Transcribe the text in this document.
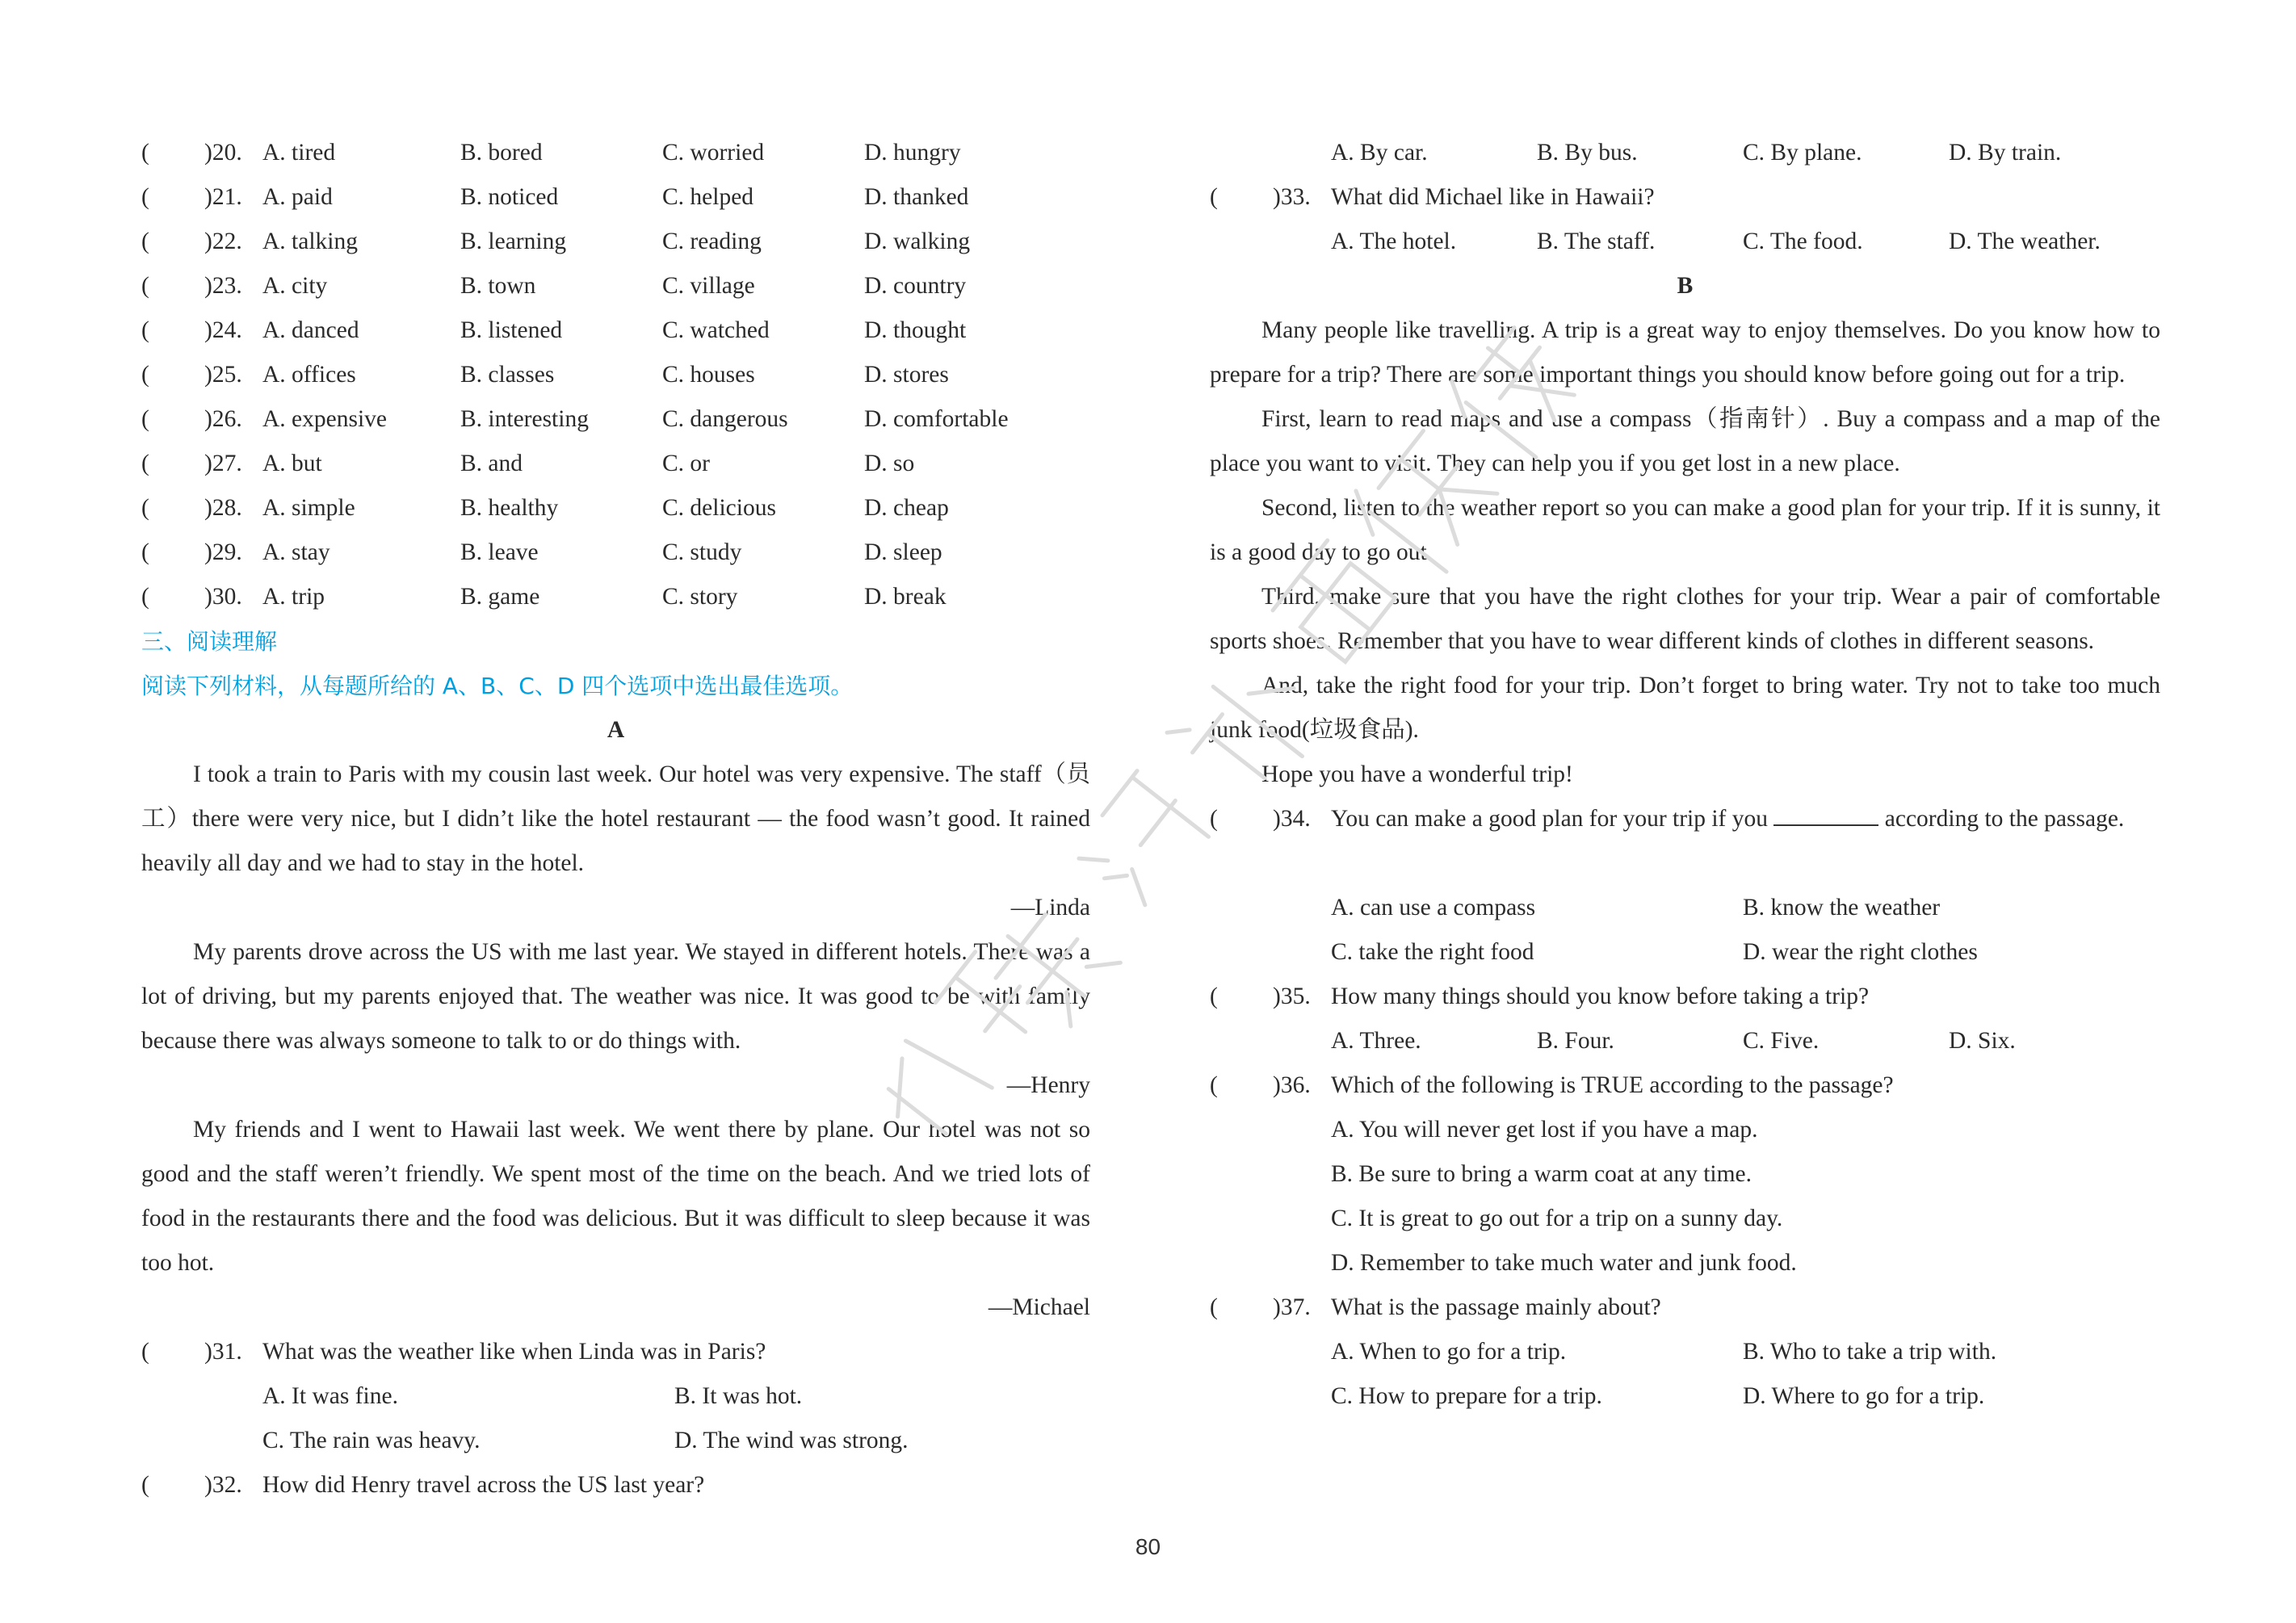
( )20. A. tired	B. bored	C. worried	D. hungry
( )21. A. paid	B. noticed	C. helped	D. thanked
( )22. A. talking	B. learning	C. reading	D. walking
( )23. A. city	B. town	C. village	D. country
( )24. A. danced	B. listened	C. watched	D. thought
( )25. A. offices	B. classes	C. houses	D. stores
( )26. A. expensive	B. interesting	C. dangerous	D. comfortable
( )27. A. but	B. and	C. or	D. so
( )28. A. simple	B. healthy	C. delicious	D. cheap
( )29. A. stay	B. leave	C. study	D. sleep
( )30. A. trip	B. game	C. story	D. break
三、阅读理解
阅读下列材料，从每题所给的 A、B、C、D 四个选项中选出最佳选项。
A

I took a train to Paris with my cousin last week. Our hotel was very expensive. The staff（员工）there were very nice, but I didn’t like the hotel restaurant — the food wasn’t good. It rained heavily all day and we had to stay in the hotel.

—Linda

My parents drove across the US with me last year. We stayed in different hotels. There was a lot of driving, but my parents enjoyed that. The weather was nice. It was good to be with family because there was always someone to talk to or do things with.

—Henry

My friends and I went to Hawaii last week. We went there by plane. Our hotel was not so good and the staff weren’t friendly. We spent most of the time on the beach. And we tried lots of food in the restaurants there and the food was delicious. But it was difficult to sleep because it was too hot.

—Michael
( )31. What was the weather like when Linda was in Paris?
A. It was fine.	B. It was hot.
C. The rain was heavy.	D. The wind was strong.
( )32. How did Henry travel across the US last year?
A. By car.	B. By bus.	C. By plane.	D. By train.
( )33. What did Michael like in Hawaii?
A. The hotel.	B. The staff.	C. The food.	D. The weather.
B

Many people like travelling. A trip is a great way to enjoy themselves. Do you know how to prepare for a trip? There are some important things you should know before going out for a trip.

First, learn to read maps and use a compass（指南针）. Buy a compass and a map of the place you want to visit. They can help you if you get lost in a new place.

Second, listen to the weather report so you can make a good plan for your trip. If it is sunny, it is a good day to go out.

Third, make sure that you have the right clothes for your trip. Wear a pair of comfortable sports shoes. Remember that you have to wear different kinds of clothes in different seasons.

And, take the right food for your trip. Don’t forget to bring water. Try not to take too much junk food(垃圾食品).

Hope you have a wonderful trip!

( )34. You can make a good plan for your trip if you	according to the passage.
A. can use a compass	B. know the weather
C. take the right food	D. wear the right clothes
( )35. How many things should you know before taking a trip?
A. Three.	B. Four.	C. Five.	D. Six.
( )36. Which of the following is TRUE according to the passage?
A. You will never get lost if you have a map.
B. Be sure to bring a warm coat at any time.
C. It is great to go out for a trip on a sunny day.
D. Remember to take much water and junk food.
( )37. What is the passage mainly about?
A. When to go for a trip.	B. Who to take a trip with.
C. How to prepare for a trip.	D. Where to go for a trip.
80
